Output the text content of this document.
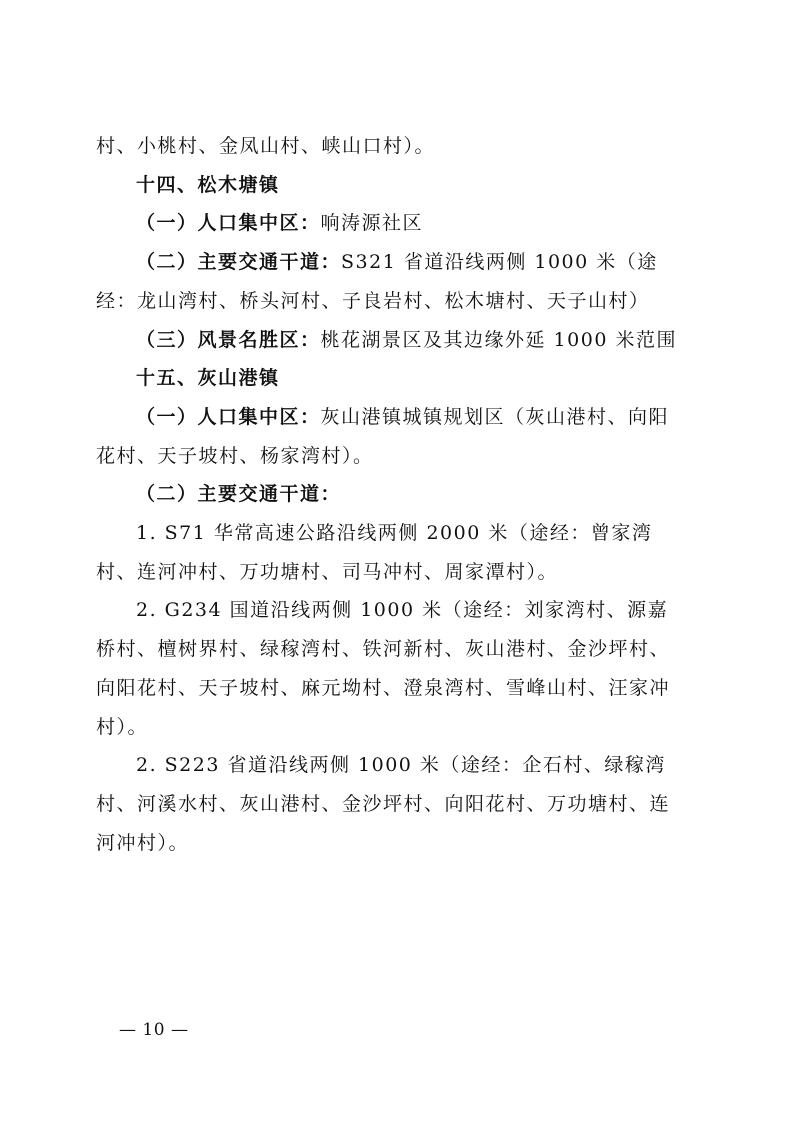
村、小桃村、金凤山村、峡山口村）。

十四、松木塘镇

（一）人口集中区：响涛源社区

（二）主要交通干道：S321 省道沿线两侧 1000 米（途经：龙山湾村、桥头河村、子良岩村、松木塘村、天子山村）

（三）风景名胜区：桃花湖景区及其边缘外延 1000 米范围

十五、灰山港镇

（一）人口集中区：灰山港镇城镇规划区（灰山港村、向阳花村、天子坡村、杨家湾村）。

（二）主要交通干道：

1. S71 华常高速公路沿线两侧 2000 米（途经：曾家湾村、连河冲村、万功塘村、司马冲村、周家潭村）。

2. G234 国道沿线两侧 1000 米（途经：刘家湾村、源嘉桥村、檀树界村、绿稼湾村、铁河新村、灰山港村、金沙坪村、向阳花村、天子坡村、麻元坳村、澄泉湾村、雪峰山村、汪家冲村）。

2. S223 省道沿线两侧 1000 米（途经：企石村、绿稼湾村、河溪水村、灰山港村、金沙坪村、向阳花村、万功塘村、连河冲村）。

— 10 —
